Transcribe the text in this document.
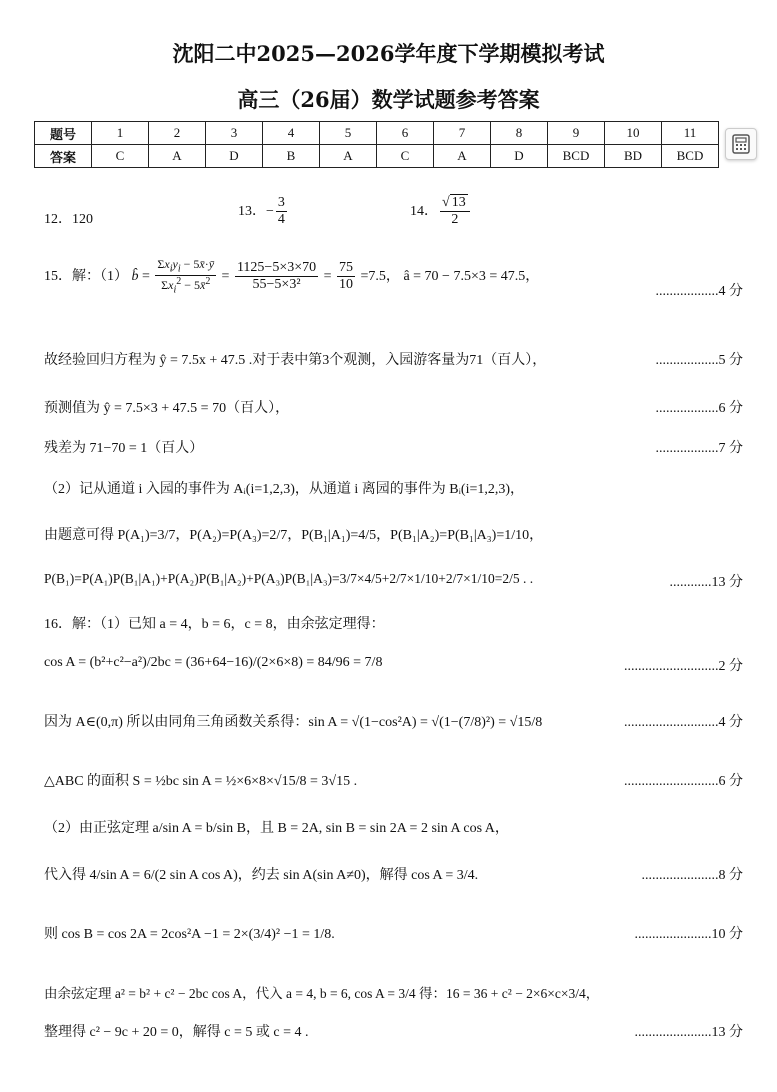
沈阳二中2025—2026学年度下学期模拟考试
高三（26届）数学试题参考答案
题号	1	2	3	4	5	6	7	8	9	10	11
答案	C	A	D	B	A	C	A	D	BCD	BD	BCD
12．120
13．− $\frac{3}{4}$	14． $\frac{√ 13}{2}$
15．解：（1） b̂ = $\frac{\Sigma x_iy_i - 5x̄\cdot ȳ}{\Sigma x_i^2 - 5x̄^2} = \frac{1125-5\times 3\times 70}{\text{55−5×3²}} = \frac{75}{10} =7.5$， â = 70 − 7.5×3 = 47.5，
..................4 分
故经验回归方程为 ŷ = 7.5x + 47.5 .对于表中第3个观测，入园游客量为71（百人），	..................5 分
预测值为 ŷ = 7.5×3 + 47.5 = 70（百人），	..................6 分
残差为 71−70 = 1（百人）	..................7 分
（2）记从通道 i 入园的事件为 Aᵢ(i=1,2,3)，从通道 i 离园的事件为 Bᵢ(i=1,2,3)，
由题意可得 P(A₁)=3/7，P(A₂)=P(A₃)=2/7，P(B₁|A₁)=4/5，P(B₁|A₂)=P(B₁|A₃)=1/10，
P(B₁)=P(A₁)P(B₁|A₁)+P(A₂)P(B₁|A₂)+P(A₃)P(B₁|A₃)=3/7×4/5+2/7×1/10+2/7×1/10=2/5 . .	............13 分
16．解：（1）已知 a = 4，b = 6，c = 8，由余弦定理得：
cos A = (b²+c²−a²)/2bc = (36+64−16)/(2×6×8) = 84/96 = 7/8	...........................2 分
因为 A∈(0,π) 所以由同角三角函数关系得：sin A = √(1−cos²A) = √(1−(7/8)²) = √15/8	...........................4 分
△ABC 的面积 S = ½bc sin A = ½×6×8×√15/8 = 3√15 .	...........................6 分
（2）由正弦定理 a/sin A = b/sin B，且 B = 2A, sin B = sin 2A = 2 sin A cos A，
代入得 4/sin A = 6/(2 sin A cos A)，约去 sin A(sin A≠0)，解得 cos A = 3/4.	......................8 分
则 cos B = cos 2A = 2cos²A −1 = 2×(3/4)² −1 = 1/8.	......................10 分
由余弦定理 a² = b² + c² − 2bc cos A，代入 a = 4, b = 6, cos A = 3/4 得：16 = 36 + c² − 2×6×c×3/4，
整理得 c² − 9c + 20 = 0，解得 c = 5 或 c = 4 .	......................13 分
